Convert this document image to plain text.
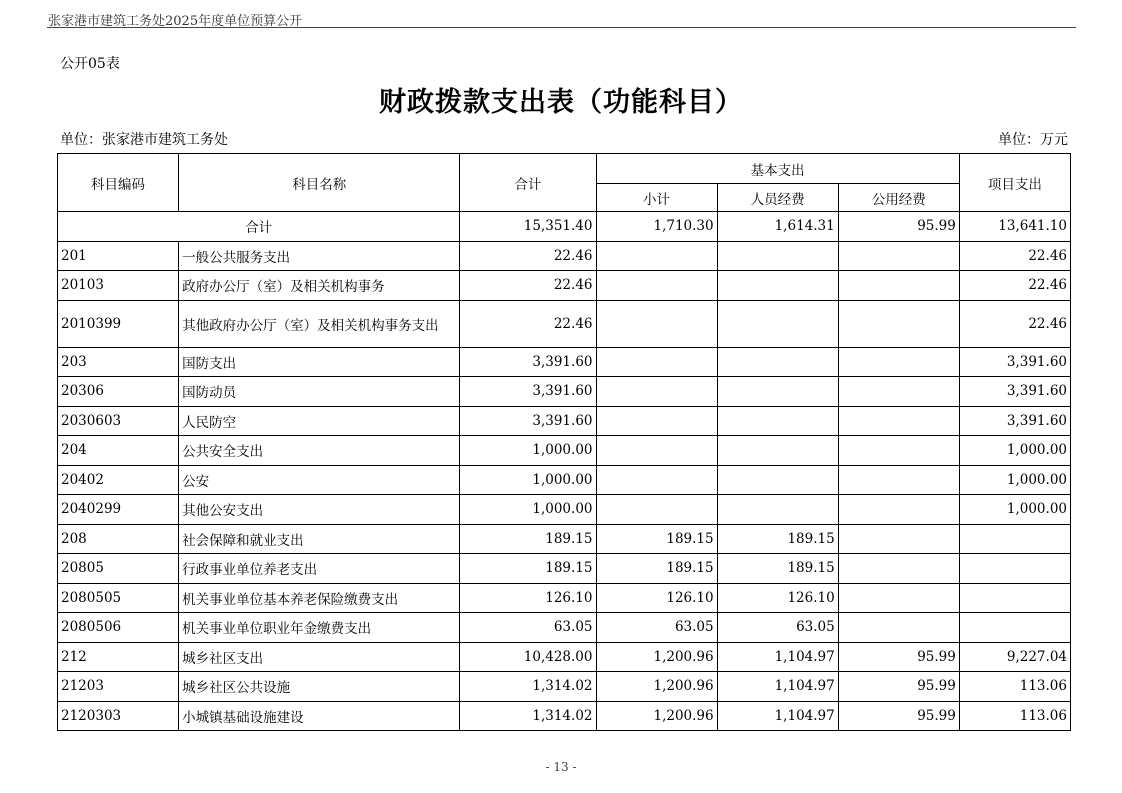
张家港市建筑工务处2025年度单位预算公开
公开05表
财政拨款支出表（功能科目）
单位：张家港市建筑工务处	单位：万元
科目编码	科目名称	合计	基本支出			项目支出
			小计	人员经费	公用经费	
合计		15,351.40	1,710.30	1,614.31	95.99	13,641.10
201	一般公共服务支出	22.46				22.46
20103	政府办公厅（室）及相关机构事务	22.46				22.46
2010399	其他政府办公厅（室）及相关机构事务支出	22.46				22.46
203	国防支出	3,391.60				3,391.60
20306	国防动员	3,391.60				3,391.60
2030603	人民防空	3,391.60				3,391.60
204	公共安全支出	1,000.00				1,000.00
20402	公安	1,000.00				1,000.00
2040299	其他公安支出	1,000.00				1,000.00
208	社会保障和就业支出	189.15	189.15	189.15		
20805	行政事业单位养老支出	189.15	189.15	189.15		
2080505	机关事业单位基本养老保险缴费支出	126.10	126.10	126.10		
2080506	机关事业单位职业年金缴费支出	63.05	63.05	63.05		
212	城乡社区支出	10,428.00	1,200.96	1,104.97	95.99	9,227.04
21203	城乡社区公共设施	1,314.02	1,200.96	1,104.97	95.99	113.06
2120303	小城镇基础设施建设	1,314.02	1,200.96	1,104.97	95.99	113.06
- 13 -
